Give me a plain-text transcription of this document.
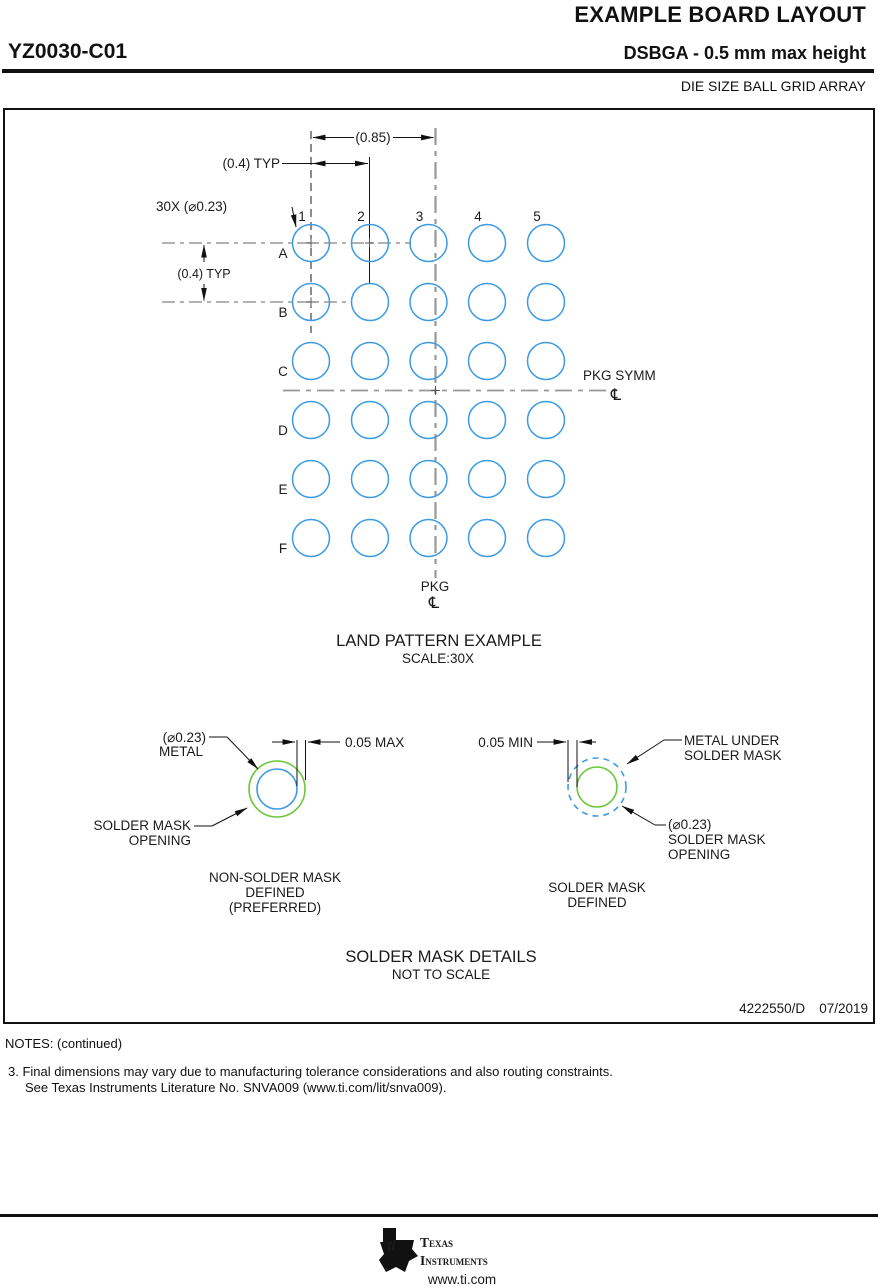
EXAMPLE BOARD LAYOUT
YZ0030-C01	DSBGA - 0.5 mm max height
DIE SIZE BALL GRID ARRAY
1	2	3	4	5
A
B
C
D
E
F
(0.85)
(0.4) TYP
(0.4) TYP
30X (⌀0.23)
PKG SYMM
℄
PKG
℄
LAND PATTERN EXAMPLE
SCALE:30X
0.05 MAX
(⌀0.23)
METAL
SOLDER MASK
OPENING
NON-SOLDER MASK
DEFINED
(PREFERRED)
0.05 MIN	METAL UNDER
SOLDER MASK
(⌀0.23)
SOLDER MASK
OPENING
SOLDER MASK
DEFINED
SOLDER MASK DETAILS
NOT TO SCALE
4222550/D 07/2019
NOTES: (continued)
3. Final dimensions may vary due to manufacturing tolerance considerations and also routing constraints.
See Texas Instruments Literature No. SNVA009 (www.ti.com/lit/snva009).
ti Texas
Instruments
www.ti.com
